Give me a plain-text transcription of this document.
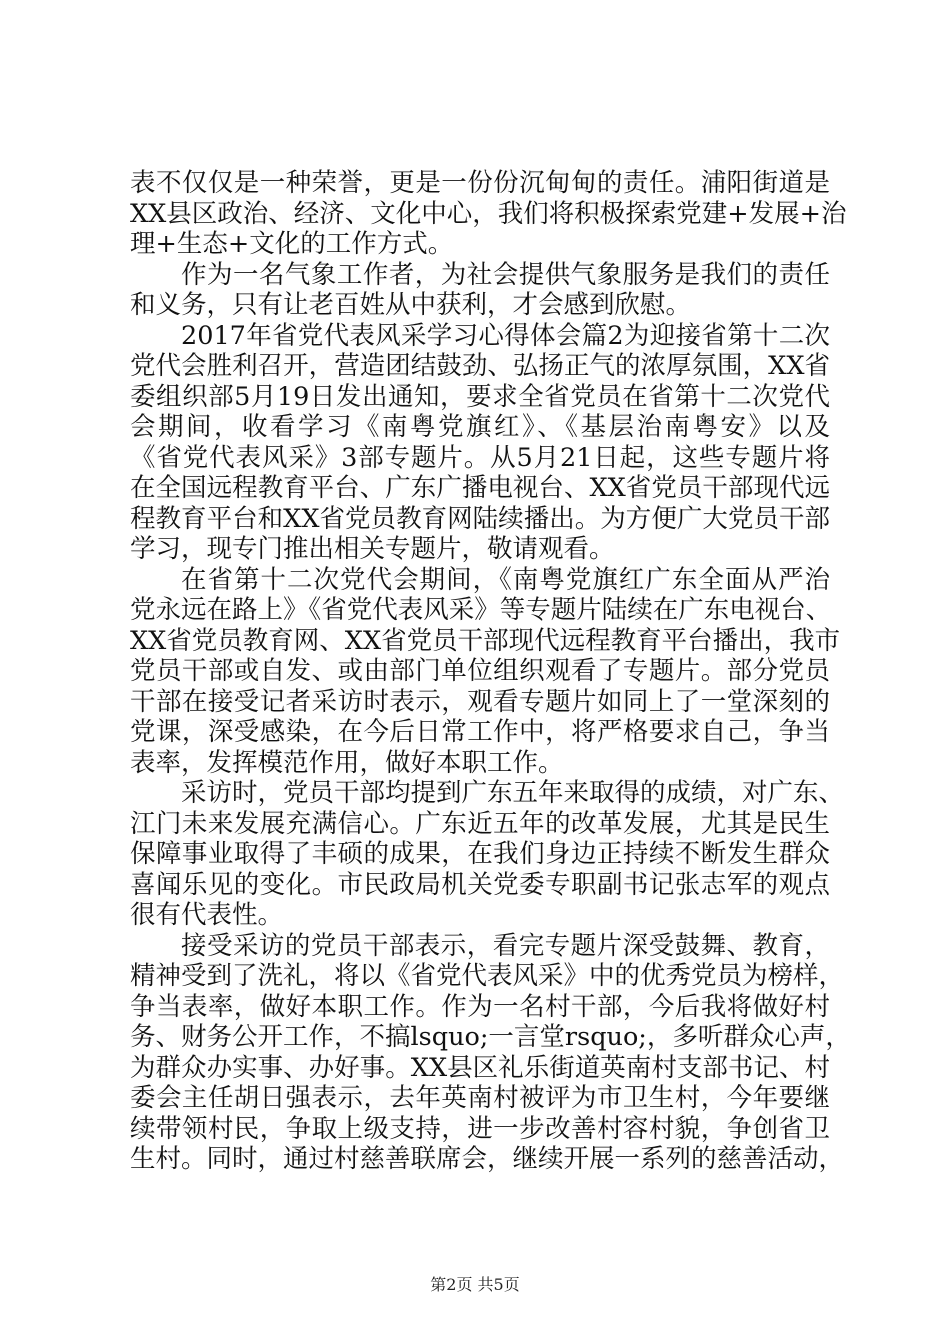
表不仅仅是一种荣誉，更是一份份沉甸甸的责任。浦阳街道是
XX县区政治、经济、文化中心，我们将积极探索党建+发展+治
理+生态+文化的工作方式。
作为一名气象工作者，为社会提供气象服务是我们的责任
和义务，只有让老百姓从中获利，才会感到欣慰。
2017年省党代表风采学习心得体会篇2为迎接省第十二次
党代会胜利召开，营造团结鼓劲、弘扬正气的浓厚氛围，XX省
委组织部5月19日发出通知，要求全省党员在省第十二次党代
会期间，收看学习《南粤党旗红》、《基层治南粤安》以及
《省党代表风采》3部专题片。从5月21日起，这些专题片将
在全国远程教育平台、广东广播电视台、XX省党员干部现代远
程教育平台和XX省党员教育网陆续播出。为方便广大党员干部
学习，现专门推出相关专题片，敬请观看。
在省第十二次党代会期间，《南粤党旗红广东全面从严治
党永远在路上》《省党代表风采》等专题片陆续在广东电视台、
XX省党员教育网、XX省党员干部现代远程教育平台播出，我市
党员干部或自发、或由部门单位组织观看了专题片。部分党员
干部在接受记者采访时表示，观看专题片如同上了一堂深刻的
党课，深受感染，在今后日常工作中，将严格要求自己，争当
表率，发挥模范作用，做好本职工作。
采访时，党员干部均提到广东五年来取得的成绩，对广东、
江门未来发展充满信心。广东近五年的改革发展，尤其是民生
保障事业取得了丰硕的成果，在我们身边正持续不断发生群众
喜闻乐见的变化。市民政局机关党委专职副书记张志军的观点
很有代表性。
接受采访的党员干部表示，看完专题片深受鼓舞、教育，
精神受到了洗礼，将以《省党代表风采》中的优秀党员为榜样，
争当表率，做好本职工作。作为一名村干部，今后我将做好村
务、财务公开工作，不搞lsquo;一言堂rsquo;，多听群众心声，
为群众办实事、办好事。XX县区礼乐街道英南村支部书记、村
委会主任胡日强表示，去年英南村被评为市卫生村，今年要继
续带领村民，争取上级支持，进一步改善村容村貌，争创省卫
生村。同时，通过村慈善联席会，继续开展一系列的慈善活动，
第2页 共5页
